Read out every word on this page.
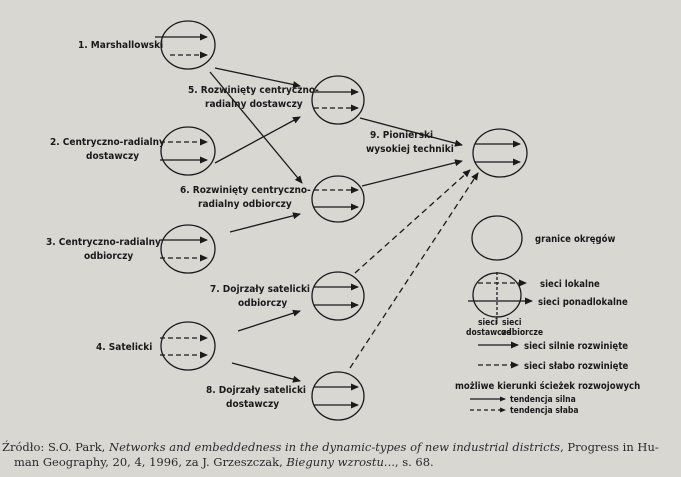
1. Marshallowski
2. Centryczno-radialny dostawczy
3. Centryczno-radialny odbiorczy
4. Satelicki
5. Rozwinięty centryczno- radialny dostawczy
6. Rozwinięty centryczno- radialny odbiorczy
7. Dojrzały satelicki odbiorczy
8. Dojrzały satelicki dostawczy
9. Pionierski wysokiej techniki
granice okręgów
sieci lokalne
sieci ponadlokalne
sieci dostawcze
sieci odbiorcze
sieci silnie rozwinięte
sieci słabo rozwinięte
możliwe kierunki ścieżek rozwojowych
tendencja silna
tendencja słaba
Źródło: S.O. Park, Networks and embeddedness in the dynamic-types of new industrial districts, Progress in Hu-
man Geography, 20, 4, 1996, za J. Grzeszczak, Bieguny wzrostu..., s. 68.
